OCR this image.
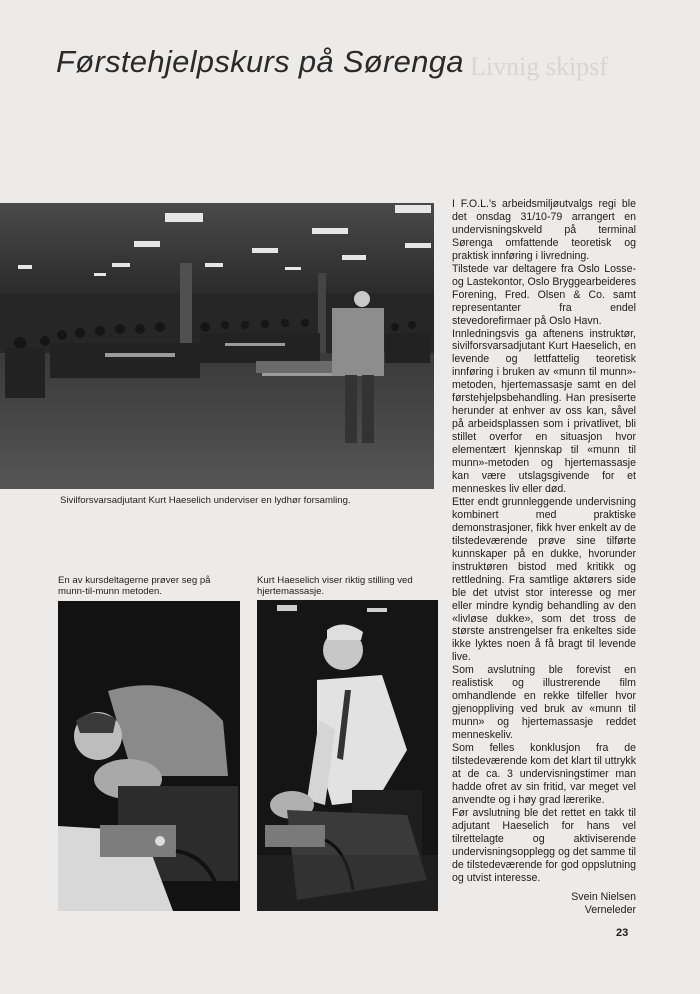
Livnig skipsf
Førstehjelpskurs på Sørenga
Sivilforsvarsadjutant Kurt Haeselich underviser en lydhør forsamling.
En av kursdeltagerne prøver seg på munn-til-munn metoden.
Kurt Haeselich viser riktig stilling ved hjertemassasje.

I F.O.L.'s arbeidsmiljøutvalgs regi ble det onsdag 31/10-79 arrangert en undervisningskveld på terminal Sørenga omfattende teoretisk og praktisk innføring i livredning.

Tilstede var deltagere fra Oslo Losse- og Lastekontor, Oslo Bryggearbeideres Forening, Fred. Olsen & Co. samt representanter fra endel stevedorefirmaer på Oslo Havn.

Innledningsvis ga aftenens instruktør, sivilforsvarsadjutant Kurt Haeselich, en levende og lettfattelig teoretisk innføring i bruken av «munn til munn»-metoden, hjertemassasje samt en del førstehjelpsbehandling. Han presiserte herunder at enhver av oss kan, såvel på arbeidsplassen som i privatlivet, bli stillet overfor en situasjon hvor elementært kjennskap til «munn til munn»-metoden og hjertemassasje kan være utslagsgivende for et menneskes liv eller død.

Etter endt grunnleggende undervisning kombinert med praktiske demonstrasjoner, fikk hver enkelt av de tilstedeværende prøve sine tilførte kunnskaper på en dukke, hvorunder instruktøren bistod med kritikk og rettledning. Fra samtlige aktørers side ble det utvist stor interesse og mer eller mindre kyndig behandling av den «livløse dukke», som det tross de største anstrengelser fra enkeltes side ikke lyktes noen å få bragt til levende live.

Som avslutning ble forevist en realistisk og illustrerende film omhandlende en rekke tilfeller hvor gjenoppliving ved bruk av «munn til munn» og hjertemassasje reddet menneskeliv.

Som felles konklusjon fra de tilstedeværende kom det klart til uttrykk at de ca. 3 undervisningstimer man hadde ofret av sin fritid, var meget vel anvendte og i høy grad lærerike.

Før avslutning ble det rettet en takk til adjutant Haeselich for hans vel tilrettelagte og aktiviserende undervisningsopplegg og det samme til de tilstedeværende for god oppslutning og utvist interesse.

Svein Nielsen
Verneleder
23
